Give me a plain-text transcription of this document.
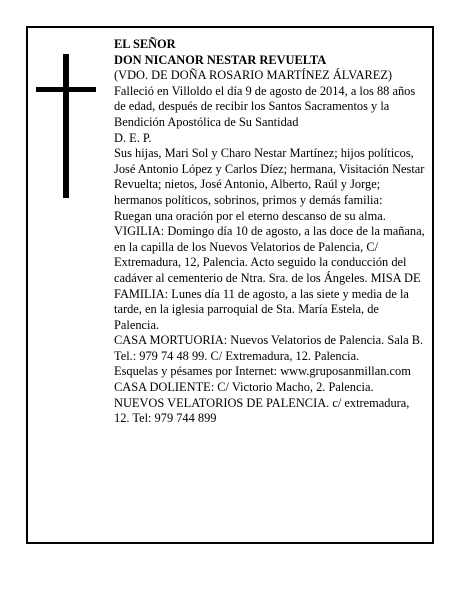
EL SEÑOR
DON NICANOR NESTAR REVUELTA
(VDO. DE DOÑA ROSARIO MARTÍNEZ ÁLVAREZ)
Falleció en Villoldo el día 9 de agosto de 2014, a los 88 años de edad, después de recibir los Santos Sacramentos y la Bendición Apostólica de Su Santidad
D. E. P.
Sus hijas, Mari Sol y Charo Nestar Martínez; hijos políticos, José Antonio López y Carlos Díez; hermana, Visitación Nestar Revuelta; nietos, José Antonio, Alberto, Raúl y Jorge; hermanos políticos, sobrinos, primos y demás familia:
Ruegan una oración por el eterno descanso de su alma.
VIGILIA: Domingo día 10 de agosto, a las doce de la mañana, en la capilla de los Nuevos Velatorios de Palencia, C/ Extremadura, 12, Palencia. Acto seguido la conducción del cadáver al cementerio de Ntra. Sra. de los Ángeles. MISA DE FAMILIA: Lunes día 11 de agosto, a las siete y media de la tarde, en la iglesia parroquial de Sta. María Estela, de Palencia.
CASA MORTUORIA: Nuevos Velatorios de Palencia. Sala B. Tel.: 979 74 48 99. C/ Extremadura, 12. Palencia.
Esquelas y pésames por Internet: www.gruposanmillan.com
CASA DOLIENTE: C/ Victorio Macho, 2. Palencia.
NUEVOS VELATORIOS DE PALENCIA. c/ extremadura, 12. Tel: 979 744 899
